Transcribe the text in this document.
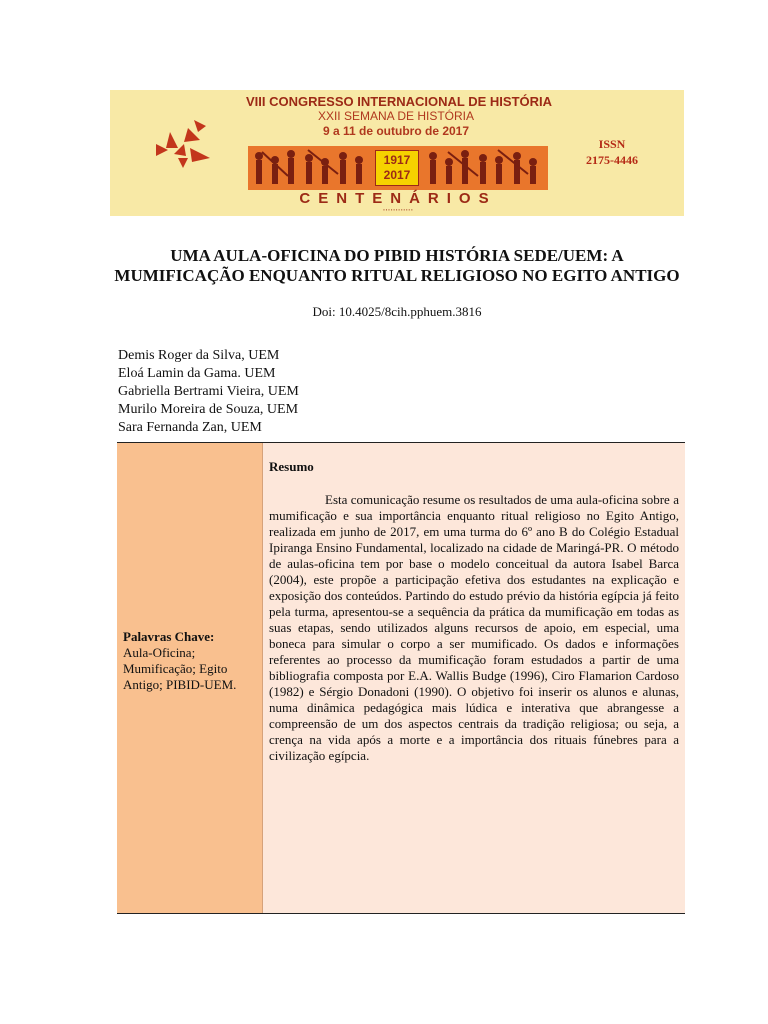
VIII CONGRESSO INTERNACIONAL DE HISTÓRIA
XXII SEMANA DE HISTÓRIA
9 a 11 de outubro de 2017
1917
2017
CENTENÁRIOS
▪ ▪ ▪ ▪ ▪ ▪ ▪ ▪ ▪ ▪ ▪ ▪
ISSN
2175-4446
UMA AULA-OFICINA DO PIBID HISTÓRIA SEDE/UEM: A MUMIFICAÇÃO ENQUANTO RITUAL RELIGIOSO NO EGITO ANTIGO
Doi: 10.4025/8cih.pphuem.3816
Demis Roger da Silva, UEM
Eloá Lamin da Gama. UEM
Gabriella Bertrami Vieira, UEM
Murilo Moreira de Souza, UEM
Sara Fernanda Zan, UEM
Palavras Chave:
Aula-Oficina; Mumificação; Egito Antigo; PIBID-UEM.
Resumo

Esta comunicação resume os resultados de uma aula-oficina sobre a mumificação e sua importância enquanto ritual religioso no Egito Antigo, realizada em junho de 2017, em uma turma do 6º ano B do Colégio Estadual Ipiranga Ensino Fundamental, localizado na cidade de Maringá-PR. O método de aulas-oficina tem por base o modelo conceitual da autora Isabel Barca (2004), este propõe a participação efetiva dos estudantes na explicação e exposição dos conteúdos. Partindo do estudo prévio da história egípcia já feito pela turma, apresentou-se a sequência da prática da mumificação em todas as suas etapas, sendo utilizados alguns recursos de apoio, em especial, uma boneca para simular o corpo a ser mumificado. Os dados e informações referentes ao processo da mumificação foram estudados a partir de uma bibliografia composta por E.A. Wallis Budge (1996), Ciro Flamarion Cardoso (1982) e Sérgio Donadoni (1990). O objetivo foi inserir os alunos e alunas, numa dinâmica pedagógica mais lúdica e interativa que abrangesse a compreensão de um dos aspectos centrais da tradição religiosa; ou seja, a crença na vida após a morte e a importância dos rituais fúnebres para a civilização egípcia.
